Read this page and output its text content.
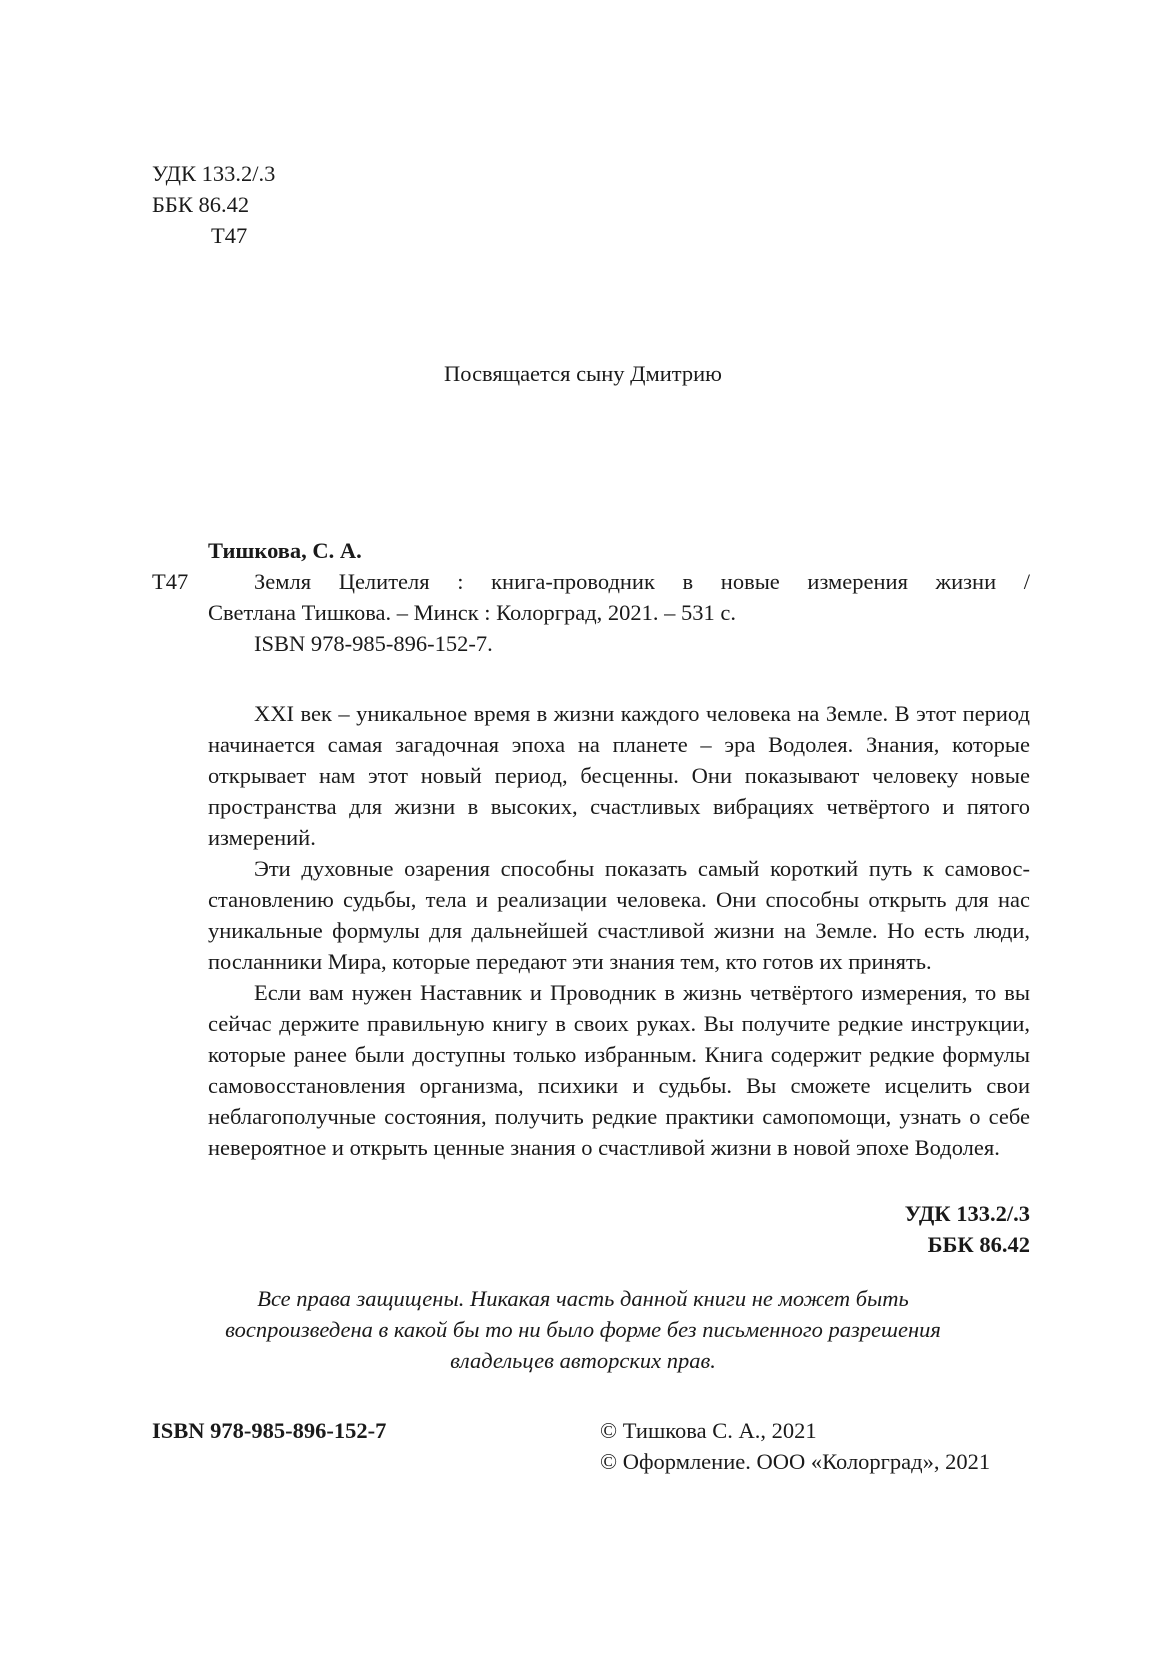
УДК 133.2/.3
ББК 86.42
Т47
Посвящается сыну Дмитрию
Тишкова, С. А.
Т47	Земля Целителя : книга-проводник в новые измерения жизни /
Светлана Тишкова. – Минск : Колорград, 2021. – 531 с.
ISBN 978-985-896-152-7.

XXI век – уникальное время в жизни каждого человека на Земле. В этот период начинается самая загадочная эпоха на планете – эра Водолея. Знания, которые открывает нам этот новый период, бесценны. Они показывают человеку новые пространства для жизни в высоких, счастливых вибрациях четвёртого и пятого измерений.

Эти духовные озарения способны показать самый короткий путь к самовосстановлению судьбы, тела и реализации человека. Они способны открыть для нас уникальные формулы для дальнейшей счастливой жизни на Земле. Но есть люди, посланники Мира, которые передают эти знания тем, кто готов их принять.

Если вам нужен Наставник и Проводник в жизнь четвёртого измерения, то вы сейчас держите правильную книгу в своих руках. Вы получите редкие инструкции, которые ранее были доступны только избранным. Книга содержит редкие формулы самовосстановления организма, психики и судьбы. Вы сможете исцелить свои неблагополучные состояния, получить редкие практики самопомощи, узнать о себе невероятное и открыть ценные знания о счастливой жизни в новой эпохе Водолея.

УДК 133.2/.3
ББК 86.42
Все права защищены. Никакая часть данной книги не может быть
воспроизведена в какой бы то ни было форме без письменного разрешения
владельцев авторских прав.
ISBN 978-985-896-152-7	© Тишкова С. А., 2021
© Оформление. ООО «Колорград», 2021
